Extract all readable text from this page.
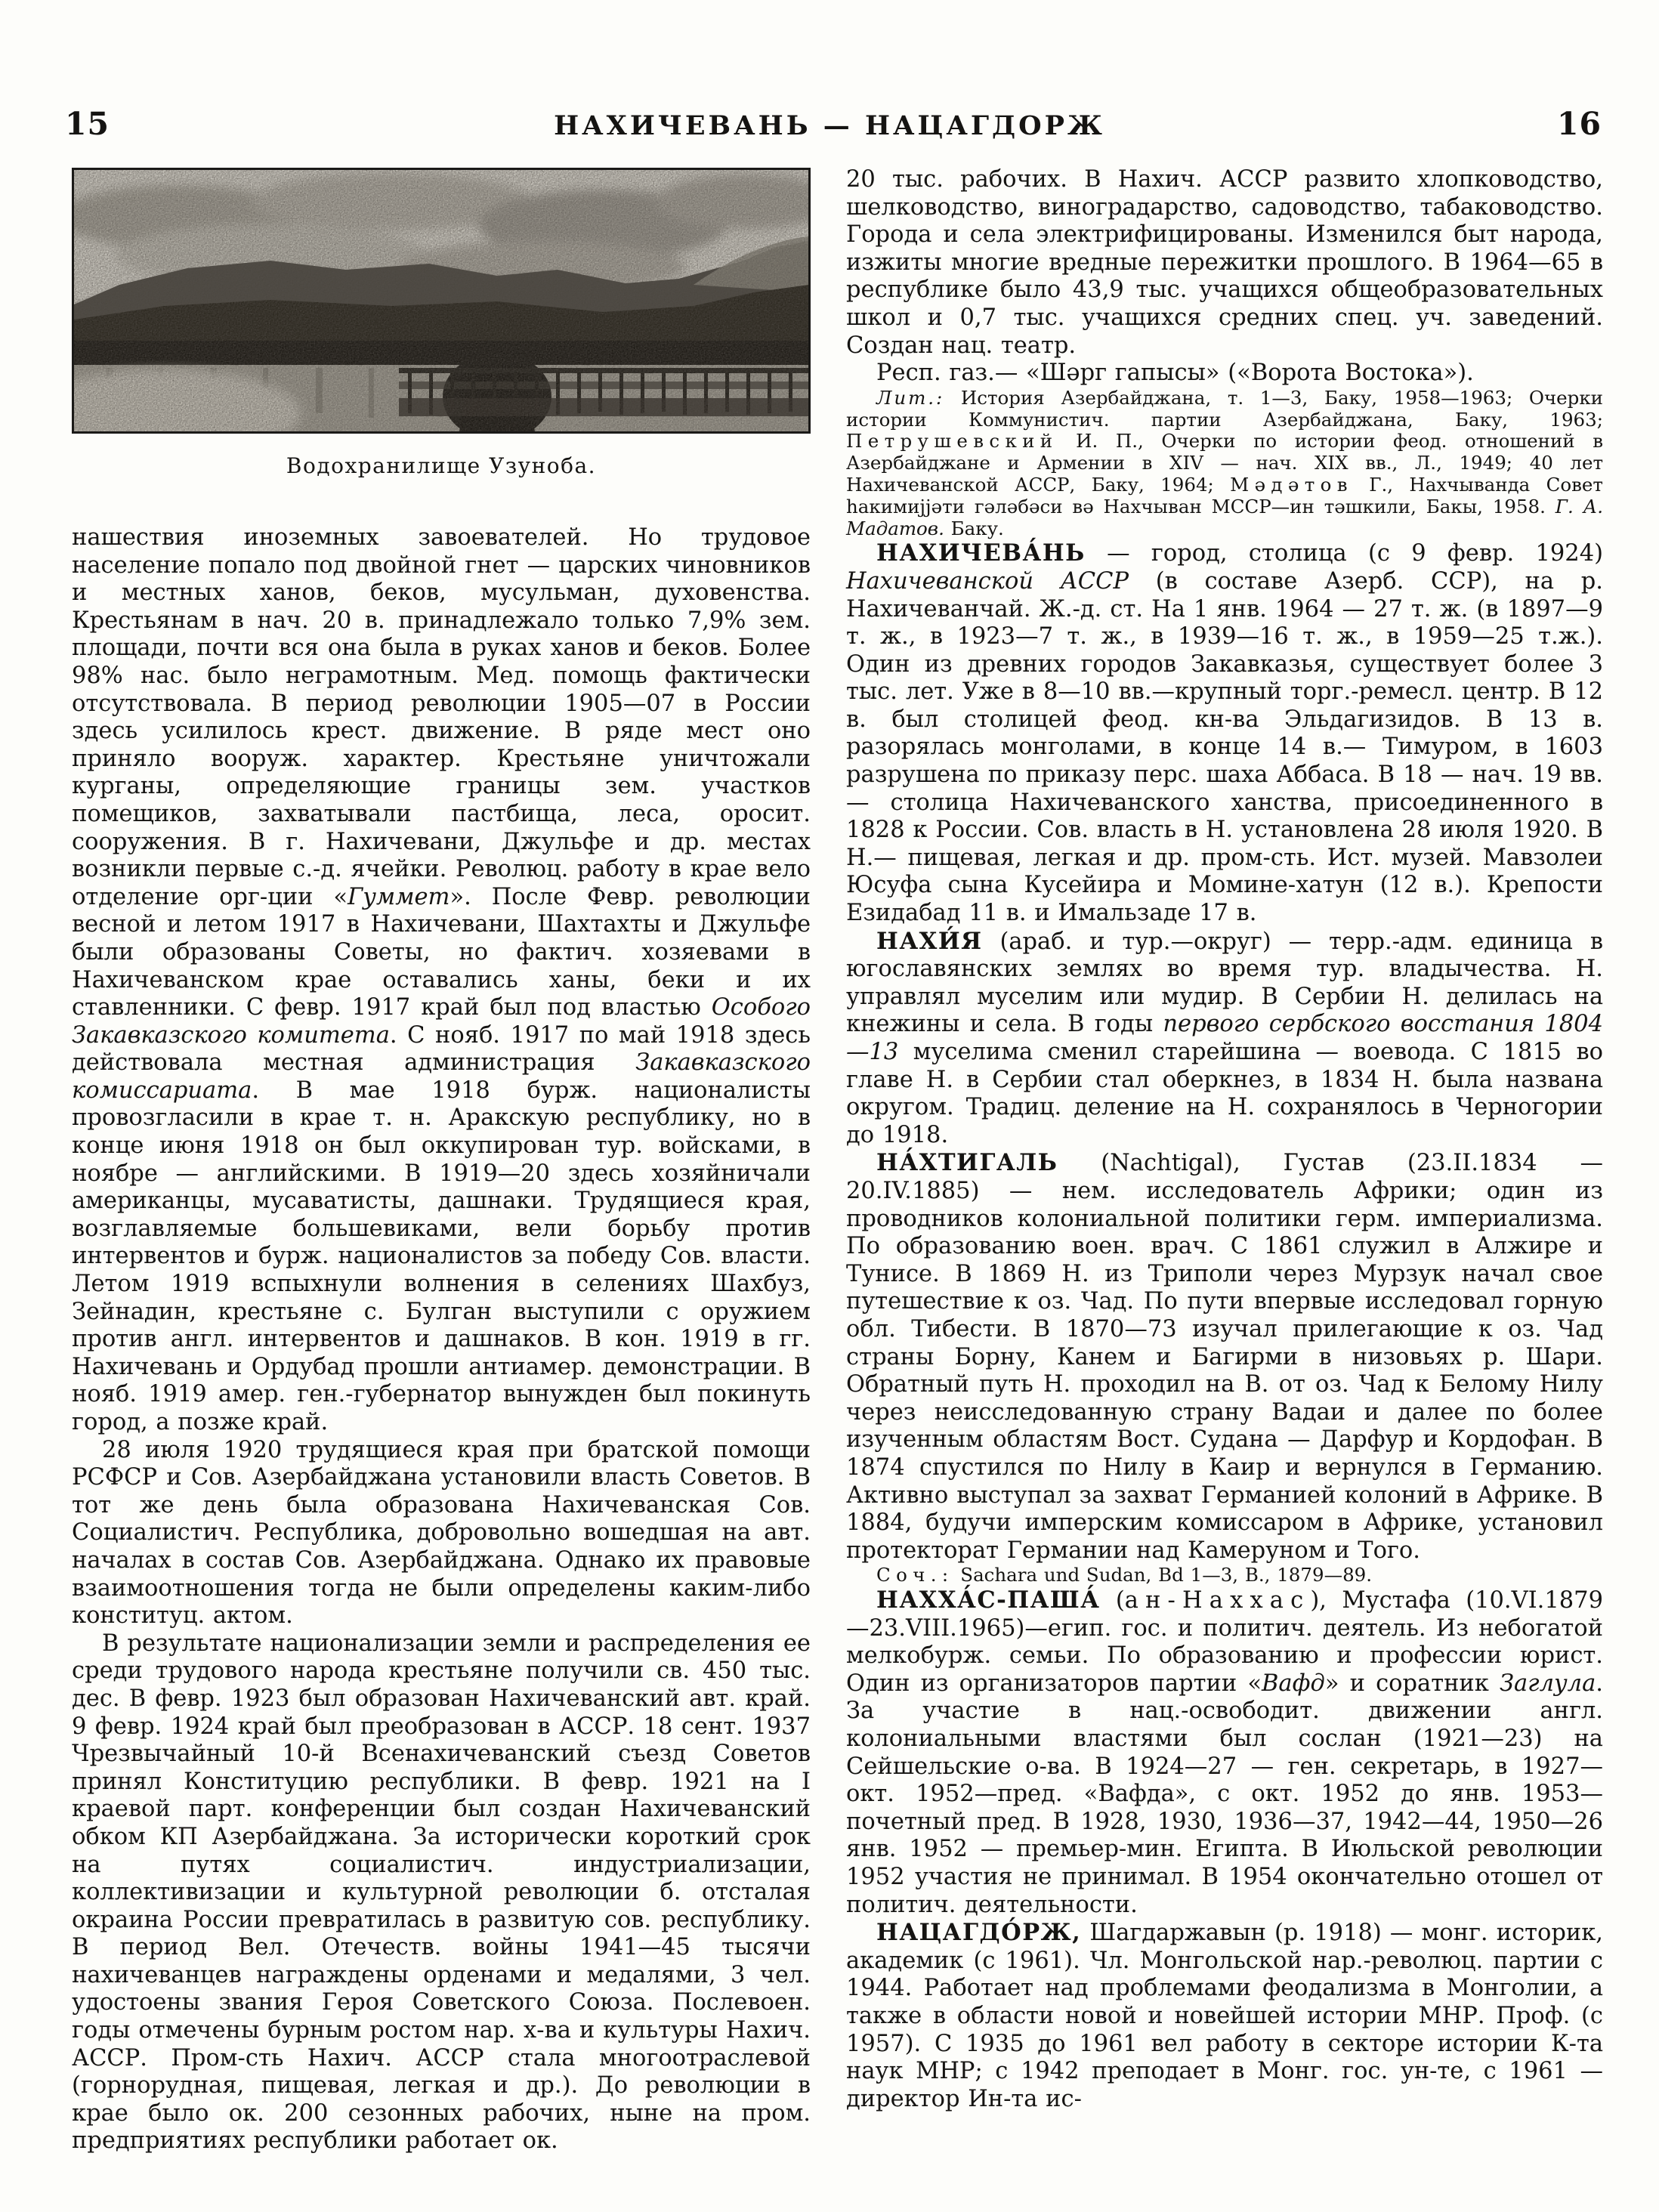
15	НАХИЧЕВАНЬ — НАЦАГДОРЖ	16
Водохранилище Узуноба.

нашествия иноземных завоевателей. Но трудовое население попало под двойной гнет — царских чиновников и местных ханов, беков, мусульман, духовенства. Крестьянам в нач. 20 в. принадлежало только 7,9% зем. площади, почти вся она была в руках ханов и беков. Более 98% нас. было неграмотным. Мед. помощь фактически отсутствовала. В период революции 1905—07 в России здесь усилилось крест. движение. В ряде мест оно приняло вооруж. характер. Крестьяне уничтожали курганы, определяющие границы зем. участков помещиков, захватывали пастбища, леса, оросит. сооружения. В г. Нахичевани, Джульфе и др. местах возникли первые с.-д. ячейки. Революц. работу в крае вело отделение орг-ции «Гуммет». После Февр. революции весной и летом 1917 в Нахичевани, Шахтахты и Джульфе были образованы Советы, но фактич. хозяевами в Нахичеванском крае оставались ханы, беки и их ставленники. С февр. 1917 край был под властью Особого Закавказского комитета. С нояб. 1917 по май 1918 здесь действовала местная администрация Закавказского комиссариата. В мае 1918 бурж. националисты провозгласили в крае т. н. Аракскую республику, но в конце июня 1918 он был оккупирован тур. войсками, в ноябре — английскими. В 1919—20 здесь хозяйничали американцы, мусаватисты, дашнаки. Трудящиеся края, возглавляемые большевиками, вели борьбу против интервентов и бурж. националистов за победу Сов. власти. Летом 1919 вспыхнули волнения в селениях Шахбуз, Зейнадин, крестьяне с. Булган выступили с оружием против англ. интервентов и дашнаков. В кон. 1919 в гг. Нахичевань и Ордубад прошли антиамер. демонстрации. В нояб. 1919 амер. ген.-губернатор вынужден был покинуть город, а позже край.

28 июля 1920 трудящиеся края при братской помощи РСФСР и Сов. Азербайджана установили власть Советов. В тот же день была образована Нахичеванская Сов. Социалистич. Республика, добровольно вошедшая на авт. началах в состав Сов. Азербайджана. Однако их правовые взаимоотношения тогда не были определены каким-либо конституц. актом.

В результате национализации земли и распределения ее среди трудового народа крестьяне получили св. 450 тыс. дес. В февр. 1923 был образован Нахичеванский авт. край. 9 февр. 1924 край был преобразован в АССР. 18 сент. 1937 Чрезвычайный 10-й Всенахичеванский съезд Советов принял Конституцию республики. В февр. 1921 на I краевой парт. конференции был создан Нахичеванский обком КП Азербайджана. За исторически короткий срок на путях социалистич. индустриализации, коллективизации и культурной революции б. отсталая окраина России превратилась в развитую сов. республику. В период Вел. Отечеств. войны 1941—45 тысячи нахичеванцев награждены орденами и медалями, 3 чел. удостоены звания Героя Советского Союза. Послевоен. годы отмечены бурным ростом нар. х-ва и культуры Нахич. АССР. Пром-сть Нахич. АССР стала многоотраслевой (горнорудная, пищевая, легкая и др.). До революции в крае было ок. 200 сезонных рабочих, ныне на пром. предприятиях республики работает ок.

20 тыс. рабочих. В Нахич. АССР развито хлопководство, шелководство, виноградарство, садоводство, табаководство. Города и села электрифицированы. Изменился быт народа, изжиты многие вредные пережитки прошлого. В 1964—65 в республике было 43,9 тыс. учащихся общеобразовательных школ и 0,7 тыс. учащихся средних спец. уч. заведений. Создан нац. театр.

Респ. газ.— «Шәрг гапысы» («Ворота Востока»).

Лит.: История Азербайджана, т. 1—3, Баку, 1958—1963; Очерки истории Коммунистич. партии Азербайджана, Баку, 1963; Петрушевский И. П., Очерки по истории феод. отношений в Азербайджане и Армении в XIV — нач. XIX вв., Л., 1949; 40 лет Нахичеванской АССР, Баку, 1964; Мәдәтов Г., Нахчыванда Совет һакимијјәти гәләбәси вә Нахчыван МССР—ин тәшкили, Бакы, 1958. Г. А. Мадатов. Баку.

НАХИЧЕВА́НЬ — город, столица (с 9 февр. 1924) Нахичеванской АССР (в составе Азерб. ССР), на р. Нахичеванчай. Ж.-д. ст. На 1 янв. 1964 — 27 т. ж. (в 1897—9 т. ж., в 1923—7 т. ж., в 1939—16 т. ж., в 1959—25 т.ж.). Один из древних городов Закавказья, существует более 3 тыс. лет. Уже в 8—10 вв.—крупный торг.-ремесл. центр. В 12 в. был столицей феод. кн-ва Эльдагизидов. В 13 в. разорялась монголами, в конце 14 в.— Тимуром, в 1603 разрушена по приказу перс. шаха Аббаса. В 18 — нач. 19 вв.— столица Нахичеванского ханства, присоединенного в 1828 к России. Сов. власть в Н. установлена 28 июля 1920. В Н.— пищевая, легкая и др. пром-сть. Ист. музей. Мавзолеи Юсуфа сына Кусейира и Момине-хатун (12 в.). Крепости Езидабад 11 в. и Имальзаде 17 в.

НАХИ́Я (араб. и тур.—округ) — терр.-адм. единица в югославянских землях во время тур. владычества. Н. управлял муселим или мудир. В Сербии Н. делилась на кнежины и села. В годы первого сербского восстания 1804—13 муселима сменил старейшина — воевода. С 1815 во главе Н. в Сербии стал оберкнез, в 1834 Н. была названа округом. Традиц. деление на Н. сохранялось в Черногории до 1918.

НА́ХТИГАЛЬ (Nachtigal), Густав (23.II.1834 — 20.IV.1885) — нем. исследователь Африки; один из проводников колониальной политики герм. империализма. По образованию воен. врач. С 1861 служил в Алжире и Тунисе. В 1869 Н. из Триполи через Мурзук начал свое путешествие к оз. Чад. По пути впервые исследовал горную обл. Тибести. В 1870—73 изучал прилегающие к оз. Чад страны Борну, Канем и Багирми в низовьях р. Шари. Обратный путь Н. проходил на В. от оз. Чад к Белому Нилу через неисследованную страну Вадаи и далее по более изученным областям Вост. Судана — Дарфур и Кордофан. В 1874 спустился по Нилу в Каир и вернулся в Германию. Активно выступал за захват Германией колоний в Африке. В 1884, будучи имперским комиссаром в Африке, установил протекторат Германии над Камеруном и Того.

Соч.: Sachara und Sudan, Bd 1—3, В., 1879—89.

НАХХА́С-ПАША́ (ан-Наххас), Мустафа (10.VI.1879—23.VIII.1965)—егип. гос. и политич. деятель. Из небогатой мелкобурж. семьи. По образованию и профессии юрист. Один из организаторов партии «Вафд» и соратник Заглула. За участие в нац.-освободит. движении англ. колониальными властями был сослан (1921—23) на Сейшельские о-ва. В 1924—27 — ген. секретарь, в 1927—окт. 1952—пред. «Вафда», с окт. 1952 до янв. 1953— почетный пред. В 1928, 1930, 1936—37, 1942—44, 1950—26 янв. 1952 — премьер-мин. Египта. В Июльской революции 1952 участия не принимал. В 1954 окончательно отошел от политич. деятельности.

НАЦАГДО́РЖ, Шагдаржавын (р. 1918) — монг. историк, академик (с 1961). Чл. Монгольской нар.-революц. партии с 1944. Работает над проблемами феодализма в Монголии, а также в области новой и новейшей истории МНР. Проф. (с 1957). С 1935 до 1961 вел работу в секторе истории К-та наук МНР; с 1942 преподает в Монг. гос. ун-те, с 1961 — директор Ин-та ис-
